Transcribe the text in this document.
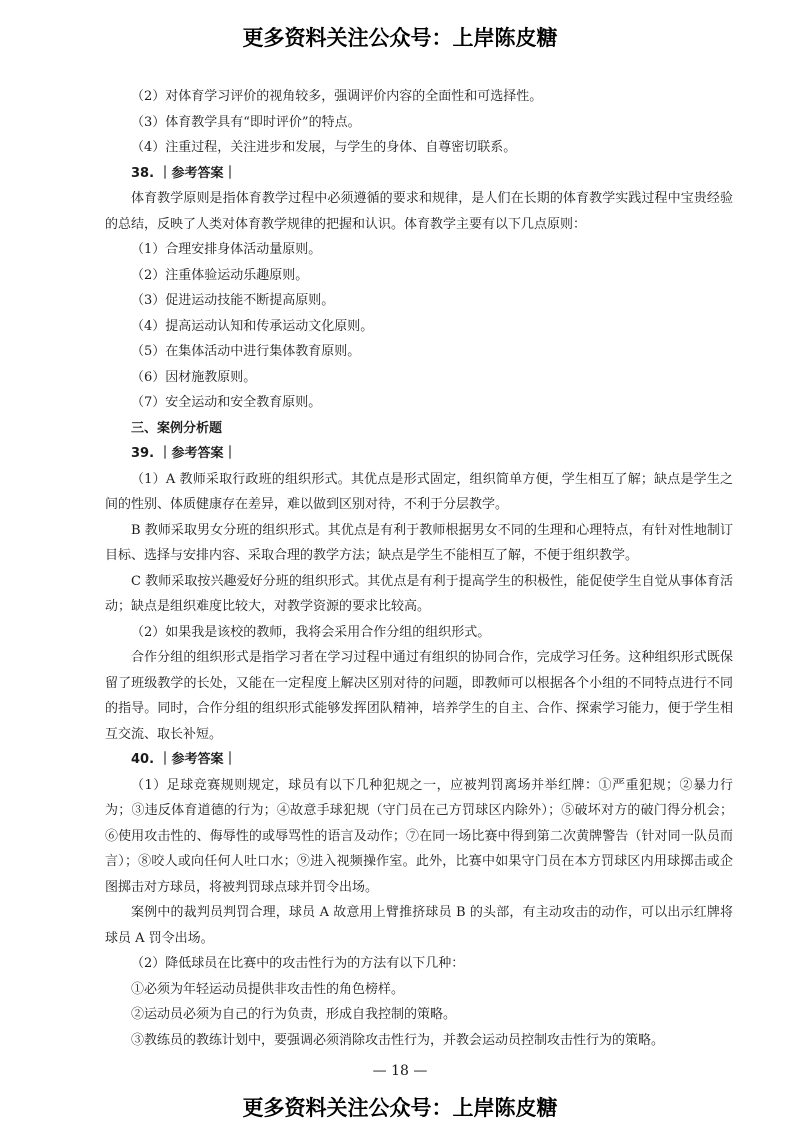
更多资料关注公众号：上岸陈皮糖

（2）对体育学习评价的视角较多，强调评价内容的全面性和可选择性。

（3）体育教学具有“即时评价”的特点。

（4）注重过程，关注进步和发展，与学生的身体、自尊密切联系。

38. ｜参考答案｜

体育教学原则是指体育教学过程中必须遵循的要求和规律，是人们在长期的体育教学实践过程中宝贵经验的总结，反映了人类对体育教学规律的把握和认识。体育教学主要有以下几点原则：

（1）合理安排身体活动量原则。

（2）注重体验运动乐趣原则。

（3）促进运动技能不断提高原则。

（4）提高运动认知和传承运动文化原则。

（5）在集体活动中进行集体教育原则。

（6）因材施教原则。

（7）安全运动和安全教育原则。

三、案例分析题

39. ｜参考答案｜

（1）A 教师采取行政班的组织形式。其优点是形式固定，组织简单方便，学生相互了解；缺点是学生之间的性别、体质健康存在差异，难以做到区别对待，不利于分层教学。

B 教师采取男女分班的组织形式。其优点是有利于教师根据男女不同的生理和心理特点，有针对性地制订目标、选择与安排内容、采取合理的教学方法；缺点是学生不能相互了解，不便于组织教学。

C 教师采取按兴趣爱好分班的组织形式。其优点是有利于提高学生的积极性，能促使学生自觉从事体育活动；缺点是组织难度比较大，对教学资源的要求比较高。

（2）如果我是该校的教师，我将会采用合作分组的组织形式。

合作分组的组织形式是指学习者在学习过程中通过有组织的协同合作，完成学习任务。这种组织形式既保留了班级教学的长处，又能在一定程度上解决区别对待的问题，即教师可以根据各个小组的不同特点进行不同的指导。同时，合作分组的组织形式能够发挥团队精神，培养学生的自主、合作、探索学习能力，便于学生相互交流、取长补短。

40. ｜参考答案｜

（1）足球竞赛规则规定，球员有以下几种犯规之一，应被判罚离场并举红牌：①严重犯规；②暴力行为；③违反体育道德的行为；④故意手球犯规（守门员在己方罚球区内除外）；⑤破坏对方的破门得分机会；⑥使用攻击性的、侮辱性的或辱骂性的语言及动作；⑦在同一场比赛中得到第二次黄牌警告（针对同一队员而言）；⑧咬人或向任何人吐口水；⑨进入视频操作室。此外，比赛中如果守门员在本方罚球区内用球掷击或企图掷击对方球员，将被判罚球点球并罚令出场。

案例中的裁判员判罚合理，球员 A 故意用上臂推挤球员 B 的头部，有主动攻击的动作，可以出示红牌将球员 A 罚令出场。

（2）降低球员在比赛中的攻击性行为的方法有以下几种：

①必须为年轻运动员提供非攻击性的角色榜样。

②运动员必须为自己的行为负责，形成自我控制的策略。

③教练员的教练计划中，要强调必须消除攻击性行为，并教会运动员控制攻击性行为的策略。

— 18 —
更多资料关注公众号：上岸陈皮糖
